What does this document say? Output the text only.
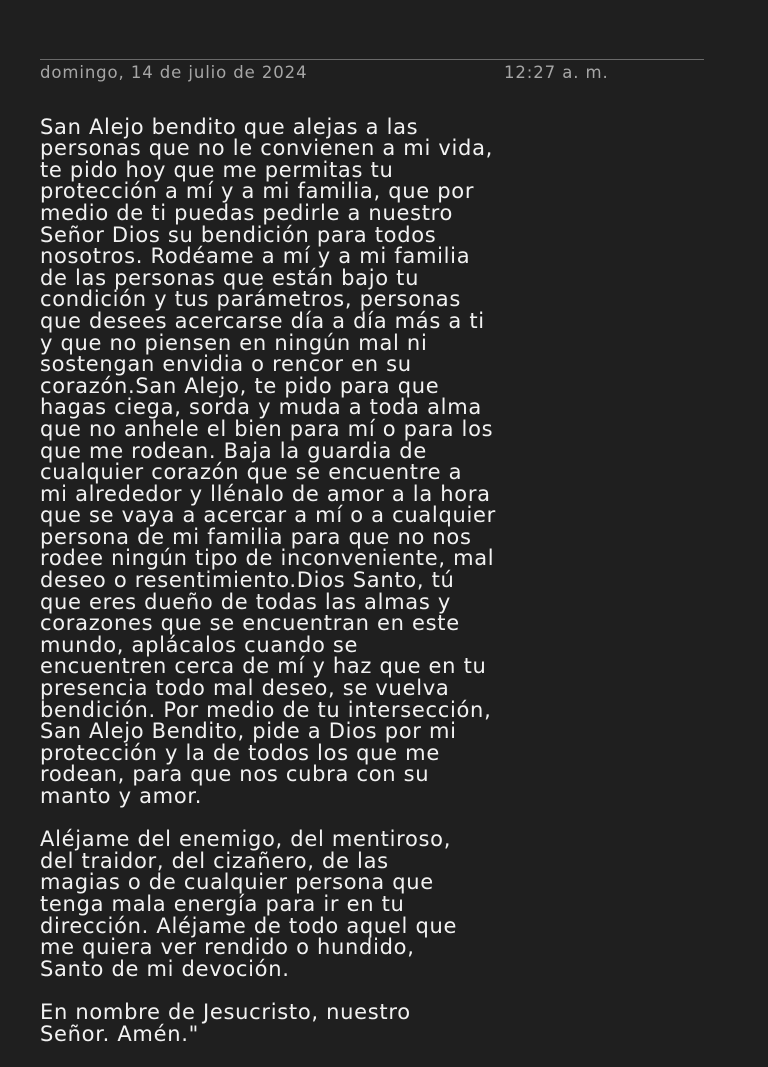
domingo, 14 de julio de 2024	12:27 a. m.

San Alejo bendito que alejas a las
personas que no le convienen a mi vida,
te pido hoy que me permitas tu
protección a mí y a mi familia, que por
medio de ti puedas pedirle a nuestro
Señor Dios su bendición para todos
nosotros. Rodéame a mí y a mi familia
de las personas que están bajo tu
condición y tus parámetros, personas
que desees acercarse día a día más a ti
y que no piensen en ningún mal ni
sostengan envidia o rencor en su
corazón.San Alejo, te pido para que
hagas ciega, sorda y muda a toda alma
que no anhele el bien para mí o para los
que me rodean. Baja la guardia de
cualquier corazón que se encuentre a
mi alrededor y llénalo de amor a la hora
que se vaya a acercar a mí o a cualquier
persona de mi familia para que no nos
rodee ningún tipo de inconveniente, mal
deseo o resentimiento.Dios Santo, tú
que eres dueño de todas las almas y
corazones que se encuentran en este
mundo, aplácalos cuando se
encuentren cerca de mí y haz que en tu
presencia todo mal deseo, se vuelva
bendición. Por medio de tu intersección,
San Alejo Bendito, pide a Dios por mi
protección y la de todos los que me
rodean, para que nos cubra con su
manto y amor.

Aléjame del enemigo, del mentiroso,
del traidor, del cizañero, de las
magias o de cualquier persona que
tenga mala energía para ir en tu
dirección. Aléjame de todo aquel que
me quiera ver rendido o hundido,
Santo de mi devoción.

En nombre de Jesucristo, nuestro
Señor. Amén."
